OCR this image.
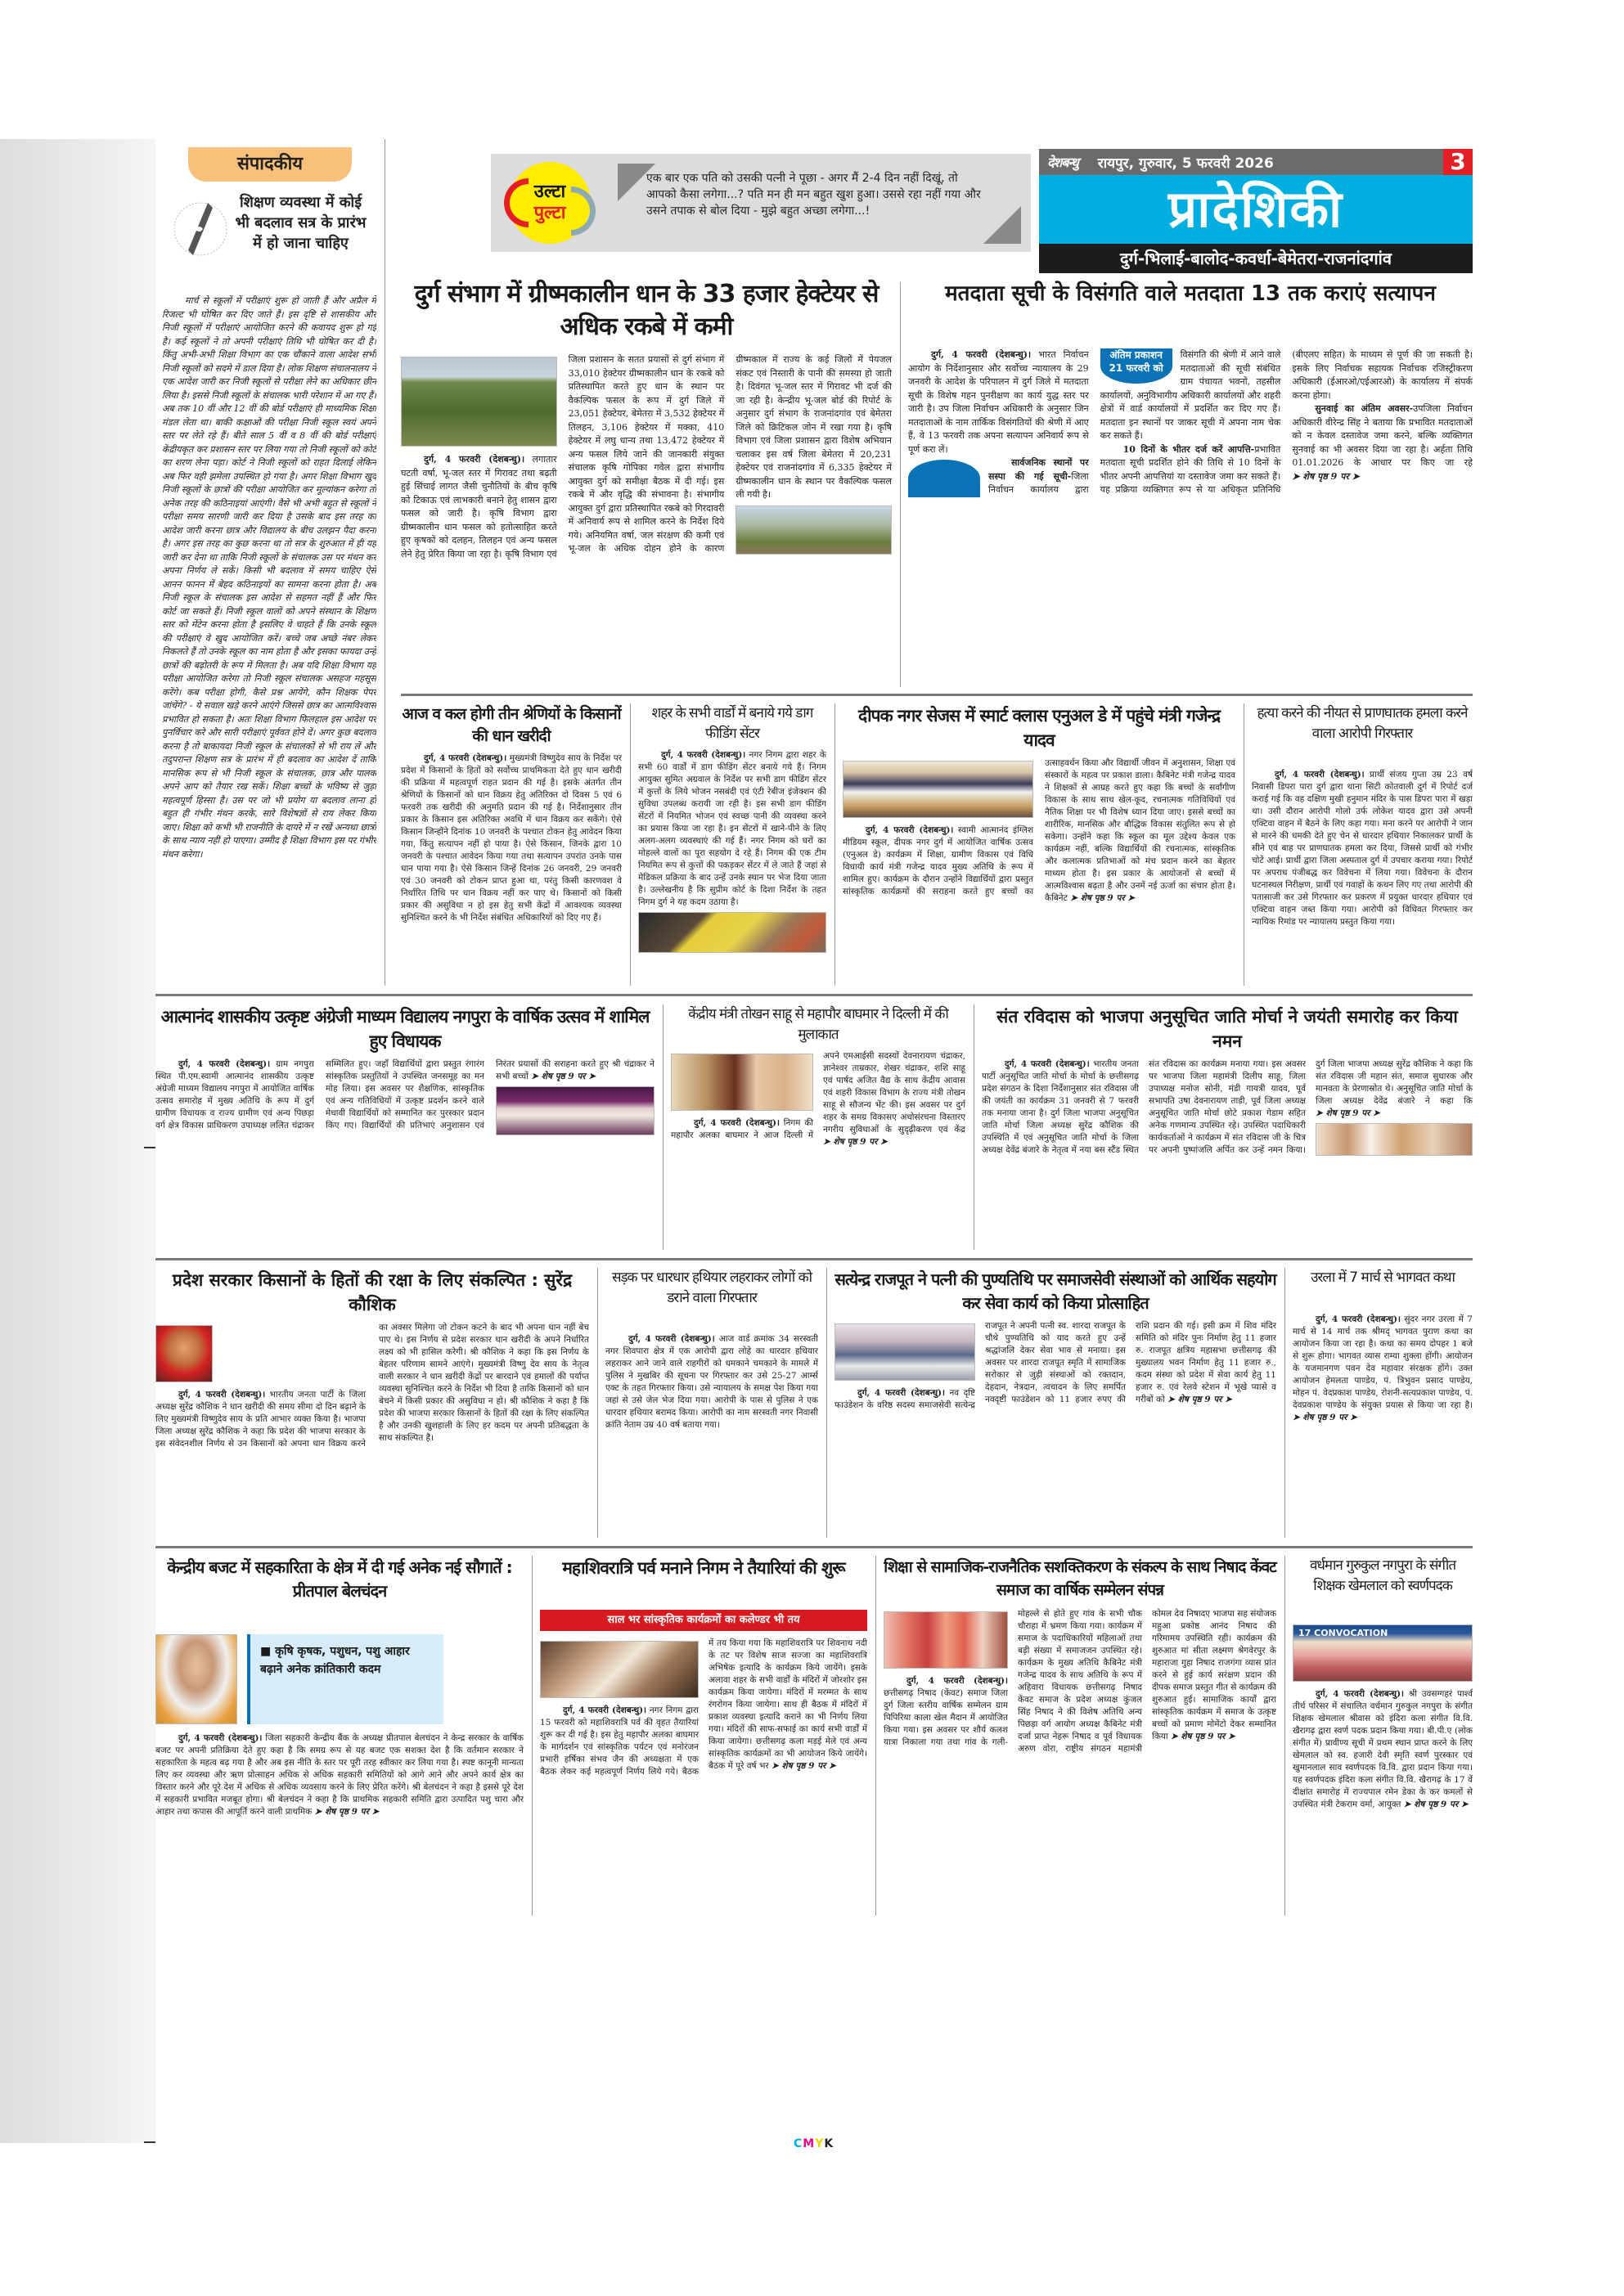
संपादकीय
शिक्षण व्यवस्था में कोई भी बदलाव सत्र के प्रारंभ में हो जाना चाहिए

मार्च से स्कूलों में परीक्षाएं शुरू हो जाती हैं और अप्रैल में रिजल्ट भी घोषित कर दिए जाते हैं। इस दृष्टि से शासकीय और निजी स्कूलों में परीक्षाएं आयोजित करने की कवायद शुरू हो गई है। कई स्कूलों ने तो अपनी परीक्षाएं तिथि भी घोषित कर दी है। किंतु अभी-अभी शिक्षा विभाग का एक चौंकाने वाला आदेश सभी निजी स्कूलों को सदमे में डाल दिया है। लोक शिक्षण संचालनालय ने एक आदेश जारी कर निजी स्कूलों से परीक्षा लेने का अधिकार छीन लिया है। इससे निजी स्कूलों के संचालक भारी परेशान में आ गए हैं। अब तक 10 वीं और 12 वीं की बोर्ड परीक्षाएं ही माध्यमिक शिक्षा मंडल लेता था। बाकी कक्षाओं की परीक्षा निजी स्कूल स्वयं अपने स्तर पर लेते रहे हैं। बीते साल 5 वीं व 8 वीं की बोर्ड परीक्षाएं केंद्रीयकृत कर प्रशासन स्तर पर लिया गया तो निजी स्कूलों को कोर्ट का शरण लेना पड़ा। कोर्ट ने निजी स्कूलों को राहत दिलाई लेकिन अब फिर वही झमेला उपस्थित हो गया है। अगर शिक्षा विभाग खुद निजी स्कूलों के छात्रों की परीक्षा आयोजित कर मूल्यांकन करेगा तो अनेक तरह की कठिनाइयां आएंगी। वैसे भी अभी बहुत से स्कूलों ने परीक्षा समय सारणी जारी कर दिया है उसके बाद इस तरह का आदेश जारी करना छात्र और विद्यालय के बीच उलझन पैदा करना है। अगर इस तरह का कुछ करना था तो सत्र के शुरुआत में ही यह जारी कर देना था ताकि निजी स्कूलों के संचालक उस पर मंथन कर अपना निर्णय ले सकें। किसी भी बदलाव में समय चाहिए ऐसे आनन फानन में बेहद कठिनाइयों का सामना करना होता है। अब निजी स्कूल के संचालक इस आदेश से सहमत नहीं हैं और फिर कोर्ट जा सकते हैं। निजी स्कूल वालों को अपने संस्थान के शिक्षण स्तर को मेंटेन करना होता है इसलिए वे चाहते हैं कि उनके स्कूल की परीक्षाएं वे खुद आयोजित करें। बच्चे जब अच्छे नंबर लेकर निकलते हैं तो उनके स्कूल का नाम होता है और इसका फायदा उन्हें छात्रों की बढ़ोतरी के रूप में मिलता है। अब यदि शिक्षा विभाग यह परीक्षा आयोजित करेगा तो निजी स्कूल संचालक असहज महसूस करेंगे। कब परीक्षा होगी, कैसे प्रश्न आयेंगे, कौन शिक्षक पेपर जांचेंगे? - ये सवाल खड़े करने आएंगे जिससे छात्र का आत्मविश्वास प्रभावित हो सकता है। अतः शिक्षा विभाग फिलहाल इस आदेश पर पुनर्विचार करे और सारी परीक्षाएं पूर्ववत होने दें। अगर कुछ बदलाव करना है तो बाकायदा निजी स्कूल के संचालकों से भी राय लें और तदुपरान्त शिक्षण सत्र के प्रारंभ में ही बदलाव का आदेश दें ताकि मानसिक रूप से भी निजी स्कूल के संचालक, छात्र और पालक अपने आप को तैयार रख सकें। शिक्षा बच्चों के भविष्य से जुड़ा महत्वपूर्ण हिस्सा है। उस पर जो भी प्रयोग या बदलाव लाना हो बहुत ही गंभीर मंथन करके, सारे विशेषज्ञों से राय लेकर किया जाए। शिक्षा को कभी भी राजनीति के दायरे में न रखें अन्यथा छात्रों के साथ न्याय नहीं हो पाएगा। उम्मीद है शिक्षा विभाग इस पर गंभीर मंथन करेगा।

उल्टा
पुल्टा
एक बार एक पति को उसकी पत्नी ने पूछा - अगर मैं 2-4 दिन नहीं दिखूं, तो आपको कैसा लगेगा...? पति मन ही मन बहुत खुश हुआ। उससे रहा नहीं गया और उसने तपाक से बोल दिया - मुझे बहुत अच्छा लगेगा...!
देशबन्धु रायपुर, गुरुवार, 5 फरवरी 2026	3
प्रादेशिकी
दुर्ग-भिलाई-बालोद-कवर्धा-बेमेतरा-राजनांदगांव
दुर्ग संभाग में ग्रीष्मकालीन धान के 33 हजार हेक्टेयर से अधिक रकबे में कमी

दुर्ग, 4 फरवरी (देशबन्धु)। लगातार घटती वर्षा, भू-जल स्तर में गिरावट तथा बढ़ती हुई सिंचाई लागत जैसी चुनौतियों के बीच कृषि को टिकाऊ एवं लाभकारी बनाने हेतु शासन द्वारा फसल को जारी है। कृषि विभाग द्वारा ग्रीष्मकालीन धान फसल को हतोत्साहित करते हुए कृषकों को दलहन, तिलहन एवं अन्य फसल लेने हेतु प्रेरित किया जा रहा है। कृषि विभाग एवं जिला प्रशासन के सतत प्रयासों से दुर्ग संभाग में 33,010 हेक्टेयर ग्रीष्मकालीन धान के रकबे को प्रतिस्थापित करते हुए धान के स्थान पर वैकल्पिक फसल के रूप में दुर्ग जिले में 23,051 हेक्टेयर, बेमेतरा में 3,532 हेक्टेयर में तिलहन, 3,106 हेक्टेयर में मक्का, 410 हेक्टेयर में लघु धान्य तथा 13,472 हेक्टेयर में अन्य फसल लिये जाने की जानकारी संयुक्त संचालक कृषि गोपिका गवेल द्वारा संभागीय आयुक्त दुर्ग को समीक्षा बैठक में दी गई। इस रकबे में और वृद्धि की संभावना है। संभागीय आयुक्त दुर्ग द्वारा प्रतिस्थापित रकबे को गिरदावरी में अनिवार्य रूप से शामिल करने के निर्देश दिये गये। अनियमित वर्षा, जल संरक्षण की कमी एवं भू-जल के अधिक दोहन होने के कारण ग्रीष्मकाल में राज्य के कई जिलों में पेयजल संकट एवं निस्तारी के पानी की समस्या हो जाती है। दिवंगत भू-जल स्तर में गिरावट भी दर्ज की जा रही है। केन्द्रीय भू-जल बोर्ड की रिपोर्ट के अनुसार दुर्ग संभाग के राजनांदगांव एवं बेमेतरा जिले को क्रिटिकल जोन में रखा गया है। कृषि विभाग एवं जिला प्रशासन द्वारा विशेष अभियान चलाकर इस वर्ष जिला बेमेतरा में 20,231 हेक्टेयर एवं राजनांदगांव में 6,335 हेक्टेयर में ग्रीष्मकालीन धान के स्थान पर वैकल्पिक फसल ली गयी है।

मतदाता सूची के विसंगति वाले मतदाता 13 तक कराएं सत्यापन

दुर्ग, 4 फरवरी (देशबन्धु)। भारत निर्वाचन आयोग के निर्देशानुसार और सर्वोच्च न्यायालय के 29 जनवरी के आदेश के परिपालन में दुर्ग जिले में मतदाता सूची के विशेष गहन पुनरीक्षण का कार्य युद्ध स्तर पर जारी है। उप जिला निर्वाचन अधिकारी के अनुसार जिन मतदाताओं के नाम तार्किक विसंगतियों की श्रेणी में आए हैं, वे 13 फरवरी तक अपना सत्यापन अनिवार्य रूप से पूर्ण करा लें।

अंतिम प्रकाशन 21 फरवरी को

सार्वजनिक स्थानों पर सस्पा की गई सूची-जिला निर्वाचन कार्यालय द्वारा विसंगति की श्रेणी में आने वाले मतदाताओं की सूची संबंधित ग्राम पंचायत भवनों, तहसील कार्यालयों, अनुविभागीय अधिकारी कार्यालयों और शहरी क्षेत्रों में वार्ड कार्यालयों में प्रदर्शित कर दिए गए हैं। मतदाता इन स्थानों पर जाकर सूची में अपना नाम चेक कर सकते हैं।

10 दिनों के भीतर दर्ज करें आपत्ति-प्रभावित मतदाता सूची प्रदर्शित होने की तिथि से 10 दिनों के भीतर अपनी आपत्तियां या दस्तावेज जमा कर सकते हैं। यह प्रक्रिया व्यक्तिगत रूप से या अधिकृत प्रतिनिधि (बीएलए सहित) के माध्यम से पूर्ण की जा सकती है। इसके लिए निर्वाचक सहायक निर्वाचक रजिस्ट्रीकरण अधिकारी (ईआरओ/एईआरओ) के कार्यालय में संपर्क करना होगा।

सुनवाई का अंतिम अवसर-उपजिला निर्वाचन अधिकारी वीरेन्द्र सिंह ने बताया कि प्रभावित मतदाताओं को न केवल दस्तावेज जमा करने, बल्कि व्यक्तिगत सुनवाई का भी अवसर दिया जा रहा है। अर्हता तिथि 01.01.2026 के आधार पर किए जा रहे ➤ शेष पृष्ठ 9 पर ➤

आज व कल होगी तीन श्रेणियों के किसानों की धान खरीदी

दुर्ग, 4 फरवरी (देशबन्धु)। मुख्यमंत्री विष्णुदेव साय के निर्देश पर प्रदेश में किसानों के हितों को सर्वोच्च प्राथमिकता देते हुए धान खरीदी की प्रक्रिया में महत्वपूर्ण राहत प्रदान की गई है। इसके अंतर्गत तीन श्रेणियों के किसानों को धान विक्रय हेतु अतिरिक्त दो दिवस 5 एवं 6 फरवरी तक खरीदी की अनुमति प्रदान की गई है। निर्देशानुसार तीन प्रकार के किसान इस अतिरिक्त अवधि में धान विक्रय कर सकेंगे। ऐसे किसान जिन्होंने दिनांक 10 जनवरी के पश्चात टोकन हेतु आवेदन किया गया, किंतु सत्यापन नहीं हो पाया है। ऐसे किसान, जिनके द्वारा 10 जनवरी के पश्चात आवेदन किया गया तथा सत्यापन उपरांत उनके पास धान पाया गया है। ऐसे किसान जिन्हें दिनांक 26 जनवरी, 29 जनवरी एवं 30 जनवरी को टोकन प्राप्त हुआ था, परंतु किसी कारणवश वे निर्धारित तिथि पर धान विक्रय नहीं कर पाए थे। किसानों को किसी प्रकार की असुविधा न हो इस हेतु सभी केंद्रों में आवश्यक व्यवस्था सुनिश्चित करने के भी निर्देश संबंधित अधिकारियों को दिए गए हैं।

शहर के सभी वार्डों में बनाये गये डाग फीडिंग सेंटर

दुर्ग, 4 फरवरी (देशबन्धु)। नगर निगम द्वारा शहर के सभी 60 वार्डों में डाग फीडिंग सेंटर बनाये गये हैं। निगम आयुक्त सुमित अग्रवाल के निर्देश पर सभी डाग फीडिंग सेंटर में कुत्तों के लिये भोजन नसबंदी एवं एंटी रेबीज इंजेक्शन की सुविधा उपलब्ध करायी जा रही है। इस सभी डाग फीडिंग सेंटरों में नियमित भोजन एवं स्वच्छ पानी की व्यवस्था करने का प्रयास किया जा रहा है। इन सेंटरों में खाने-पीने के लिए अलग-अलग व्यवस्थाएं की गई हैं। नगर निगम को घरों का मोहल्ले वालों का पूरा सहयोग दे रहे हैं। निगम की एक टीम नियमित रूप से कुत्तों की पकड़कर सेंटर में ले जाते हैं जहां से मेडिकल प्रक्रिया के बाद उन्हें उनके स्थान पर भेज दिया जाता है। उल्लेखनीय है कि सुप्रीम कोर्ट के दिशा निर्देश के तहत निगम दुर्ग ने यह कदम उठाया है।

दीपक नगर सेजस में स्मार्ट क्लास एनुअल डे में पहुंचे मंत्री गजेन्द्र यादव

दुर्ग, 4 फरवरी (देशबन्धु)। स्वामी आत्मानंद इंग्लिश मीडियम स्कूल, दीपक नगर दुर्ग में आयोजित वार्षिक उत्सव (एनुअल डे) कार्यक्रम में शिक्षा, ग्रामीण विकास एवं विधि विधायी कार्य मंत्री गजेन्द्र यादव मुख्य अतिथि के रूप में शामिल हुए। कार्यक्रम के दौरान उन्होंने विद्यार्थियों द्वारा प्रस्तुत सांस्कृतिक कार्यक्रमों की सराहना करते हुए बच्चों का उत्साहवर्धन किया और विद्यार्थी जीवन में अनुशासन, शिक्षा एवं संस्कारों के महत्व पर प्रकाश डाला। कैबिनेट मंत्री गजेन्द्र यादव ने शिक्षकों से आग्रह करते हुए कहा कि बच्चों के सर्वांगीण विकास के साथ साथ खेल-कूद, रचनात्मक गतिविधियों एवं नैतिक शिक्षा पर भी विशेष ध्यान दिया जाए। इससे बच्चों का शारीरिक, मानसिक और बौद्धिक विकास संतुलित रूप से हो सकेगा। उन्होंने कहा कि स्कूल का मूल उद्देश्य केवल एक कार्यक्रम नहीं, बल्कि विद्यार्थियों की रचनात्मक, सांस्कृतिक और कलात्मक प्रतिभाओं को मंच प्रदान करने का बेहतर माध्यम होता है। इस प्रकार के आयोजनों से बच्चों में आत्मविश्वास बढ़ता है और उनमें नई ऊर्जा का संचार होता है। कैबिनेट ➤ शेष पृष्ठ 9 पर ➤

हत्या करने की नीयत से प्राणघातक हमला करने वाला आरोपी गिरफ्तार

दुर्ग, 4 फरवरी (देशबन्धु)। प्रार्थी संजय गुप्ता उम्र 23 वर्ष निवासी डिपरा पारा दुर्ग द्वारा थाना सिटी कोतवाली दुर्ग में रिपोर्ट दर्ज कराई गई कि वह दक्षिण मुखी हनुमान मंदिर के पास डिपरा पारा में खड़ा था। उसी दौरान आरोपी गोलो उर्फ लोकेश यादव द्वारा उसे अपनी एक्टिवा वाहन में बैठने के लिए कहा गया। मना करने पर आरोपी ने जान से मारने की धमकी देते हुए चेन से धारदार हथियार निकालकर प्रार्थी के सीने एवं बाह पर प्राणघातक हमला कर दिया, जिससे प्रार्थी को गंभीर चोटें आई। प्रार्थी द्वारा जिला अस्पताल दुर्ग में उपचार कराया गया। रिपोर्ट पर अपराध पंजीबद्ध कर विवेचना में लिया गया। विवेचना के दौरान घटनास्थल निरीक्षण, प्रार्थी एवं गवाहों के कथन लिए गए तथा आरोपी की पतासाजी कर उसे गिरफ्तार कर प्रकरण में प्रयुक्त धारदार हथियार एवं एक्टिवा वाहन जब्त किया गया। आरोपी को विधिवत गिरफ्तार कर न्यायिक रिमांड पर न्यायालय प्रस्तुत किया गया।

आत्मानंद शासकीय उत्कृष्ट अंग्रेजी माध्यम विद्यालय नगपुरा के वार्षिक उत्सव में शामिल हुए विधायक

दुर्ग, 4 फरवरी (देशबन्धु)। ग्राम नगपुरा स्थित पी.एम.स्वामी आत्मानंद शासकीय उत्कृष्ट अंग्रेजी माध्यम विद्यालय नगपुरा में आयोजित वार्षिक उत्सव समारोह में मुख्य अतिथि के रूप में दुर्ग ग्रामीण विधायक व राज्य ग्रामीण एवं अन्य पिछड़ा वर्ग क्षेत्र विकास प्राधिकरण उपाध्यक्ष ललित चंद्राकर सम्मिलित हुए। जहाँ विद्यार्थियों द्वारा प्रस्तुत रंगारंग सांस्कृतिक प्रस्तुतियों ने उपस्थित जनसमूह का मन मोह लिया। इस अवसर पर शैक्षणिक, सांस्कृतिक एवं अन्य गतिविधियों में उत्कृष्ट प्रदर्शन करने वाले मेधावी विद्यार्थियों को सम्मानित कर पुरस्कार प्रदान किए गए। विद्यार्थियों की प्रतिभाएं अनुशासन एवं निरंतर प्रयासों की सराहना करते हुए श्री चंद्राकर ने सभी बच्चों ➤ शेष पृष्ठ 9 पर ➤

केंद्रीय मंत्री तोखन साहू से महापौर बाघमार ने दिल्ली में की मुलाकात

दुर्ग, 4 फरवरी (देशबन्धु)। निगम की महापौर अलका बाघमार ने आज दिल्ली में अपने एमआईसी सदस्यों देवनारायण चंद्राकर, ज्ञानेश्वर ताम्रकार, शेखर चंद्राकर, शशि साहू एवं पार्षद अजित वैद्य के साथ केंद्रीय आवास एवं शहरी विकास विभाग के राज्य मंत्री तोखन साहू से सौजन्य भेंट की। इस अवसर पर दुर्ग शहर के समग्र विकासए अधोसंरचना विस्तारए नगरीय सुविधाओं के सुदृढ़ीकरण एवं केंद्र ➤ शेष पृष्ठ 9 पर ➤

संत रविदास को भाजपा अनुसूचित जाति मोर्चा ने जयंती समारोह कर किया नमन

दुर्ग, 4 फरवरी (देशबन्धु)। भारतीय जनता पार्टी अनुसूचित जाति मोर्चा के मोर्चा के छत्तीसगढ़ प्रदेश संगठन के दिशा निर्देशानुसार संत रविदास जी की जयंती का कार्यक्रम 31 जनवरी से 7 फरवरी तक मनाया जाना है। दुर्ग जिला भाजपा अनुसूचित जाति मोर्चा जिला अध्यक्ष सुरेंद्र कौशिक की उपस्थिति में एवं अनुसूचित जाति मोर्चा के जिला अध्यक्ष देवेंद्र बंजारे के नेतृत्व में नया बस स्टैंड स्थित संत रविदास का कार्यक्रम मनाया गया। इस अवसर पर भाजपा जिला महामंत्री दिलीप साहू, जिला उपाध्यक्ष मनोज सोनी, मंडी गायत्री यादव, पूर्व सभापति उषा देवनारायण ताडी, पूर्व जिला अध्यक्ष अनुसूचित जाति मोर्चा छोटे प्रकाश गेडाम सहित अनेक गणमान्य उपस्थित रहे। उपस्थित पदाधिकारी कार्यकर्ताओं ने कार्यक्रम में संत रविदास जी के चित्र पर अपनी पुष्पांजलि अर्पित कर उन्हें नमन किया। दुर्ग जिला भाजपा अध्यक्ष सुरेंद्र कौशिक ने कहा कि संत रविदास जी महान संत, समाज सुधारक और मानवता के प्रेरणास्रोत थे। अनुसूचित जाति मोर्चा के जिला अध्यक्ष देवेंद्र बंजारे ने कहा कि ➤ शेष पृष्ठ 9 पर ➤

प्रदेश सरकार किसानों के हितों की रक्षा के लिए संकल्पित : सुरेंद्र कौशिक

दुर्ग, 4 फरवरी (देशबन्धु)। भारतीय जनता पार्टी के जिला अध्यक्ष सुरेंद्र कौशिक ने धान खरीदी की समय सीमा दो दिन बढ़ाने के लिए मुख्यमंत्री विष्णुदेव साय के प्रति आभार व्यक्त किया है। भाजपा जिला अध्यक्ष सुरेंद्र कौशिक ने कहा कि प्रदेश की भाजपा सरकार के इस संवेदनशील निर्णय से उन किसानों को अपना धान विक्रय करने का अवसर मिलेगा जो टोकन कटने के बाद भी अपना धान नहीं बेच पाए थे। इस निर्णय से प्रदेश सरकार धान खरीदी के अपने निर्धारित लक्ष्य को भी हासिल करेगी। श्री कौशिक ने कहा कि इस निर्णय के बेहतर परिणाम सामने आएंगे। मुख्यमंत्री विष्णु देव साय के नेतृत्व वाली सरकार ने धान खरीदी केंद्रों पर बारदाने एवं हमालों की पर्याप्त व्यवस्था सुनिश्चित करने के निर्देश भी दिया है ताकि किसानों को धान बेचने में किसी प्रकार की असुविधा न हो। श्री कौशिक ने कहा है कि प्रदेश की भाजपा सरकार किसानों के हितों की रक्षा के लिए संकल्पित है और उनकी खुशहाली के लिए हर कदम पर अपनी प्रतिबद्धता के साथ संकल्पित है।

सड़क पर धारधार हथियार लहराकर लोगों को डराने वाला गिरफ्तार

दुर्ग, 4 फरवरी (देशबन्धु)। आज वार्ड क्रमांक 34 सरस्वती नगर शिवपारा क्षेत्र में एक आरोपी द्वारा लोहे का धारदार हथियार लहराकर आने जाने वाले राहगीरों को धमकाने चमकाने के मामले में पुलिस ने मुखबिर की सूचना पर गिरफ्तार कर उसे 25-27 आर्म्स एक्ट के तहत गिरफ्तार किया। उसे न्यायालय के समक्ष पेश किया गया जहां से उसे जेल भेज दिया गया। आरोपी के पास से पुलिस ने एक धारदार हथियार बरामद किया। आरोपी का नाम सरस्वती नगर निवासी क्रांति नेताम उम्र 40 वर्ष बताया गया।

सत्येन्द्र राजपूत ने पत्नी की पुण्यतिथि पर समाजसेवी संस्थाओं को आर्थिक सहयोग कर सेवा कार्य को किया प्रोत्साहित

दुर्ग, 4 फरवरी (देशबन्धु)। नव दृष्टि फाउंडेशन के वरिष्ठ सदस्य समाजसेवी सत्येन्द्र राजपूत ने अपनी पत्नी स्व. शारदा राजपूत के चौथे पुण्यतिथि को याद करते हुए उन्हें श्रद्धांजलि देकर सेवा भाव से मनाया। इस अवसर पर शारदा राजपूत स्मृति में सामाजिक सरोकार से जुड़ी संस्थाओं को रक्तदान, देहदान, नेत्रदान, त्वचादन के लिए समर्पित नवदृष्टी फाउंडेशन को 11 हजार रुपए की राशि प्रदान की गई। इसी क्रम में शिव मंदिर समिति को मंदिर पुनः निर्माण हेतु 11 हजार रु. राजपूत क्षत्रिय महासभा छत्तीसगढ़ की मुख्यालय भवन निर्माण हेतु 11 हजार रु., कदम संस्था को प्रदेश में सेवा कार्य हेतु 11 हजार रु. एवं रेलवे स्टेशन में भूखे प्यासे व गरीबों को ➤ शेष पृष्ठ 9 पर ➤

उरला में 7 मार्च से भागवत कथा

दुर्ग, 4 फरवरी (देशबन्धु)। सुंदर नगर उरला में 7 मार्च से 14 मार्च तक श्रीमद् भागवत पुराण कथा का आयोजन किया जा रहा है। कथा का समय दोपहर 1 बजे से शुरू होगा। भागवत व्यास राम्या शुक्ला होंगी। आयोजन के यजमानगण पवन देव महावार संरक्षक होंगे। उक्त आयोजन हेमलता पाण्डेय, पं. त्रिभुवन प्रसाद पाण्डेय, मोहन पं. वेदप्रकाश पाण्डेय, रोशनी-सत्यप्रकाश पाण्डेय, पं. देवप्रकाश पाण्डेय के संयुक्त प्रयास से किया जा रहा है। ➤ शेष पृष्ठ 9 पर ➤

केन्द्रीय बजट में सहकारिता के क्षेत्र में दी गई अनेक नई सौगातें : प्रीतपाल बेलचंदन
■ कृषि कृषक, पशुधन, पशु आहार बढ़ाने अनेक क्रांतिकारी कदम

दुर्ग, 4 फरवरी (देशबन्धु)। जिला सहकारी केन्द्रीय बैंक के अध्यक्ष प्रीतपाल बेलचंदन ने केन्द्र सरकार के वार्षिक बजट पर अपनी प्रतिक्रिया देते हुए कहा है कि समग्र रूप से यह बजट एक सशक्त देश है कि वर्तमान सरकार ने सहकारिता के महत्व बढ़ गया है और अब इस नीति के स्तर पर पूरी तरह स्वीकार कर लिया गया है। स्पष्ट कानूनी मान्यता लिए कर व्यवस्था और ऋण प्रोत्साहन अधिक से अधिक सहकारी समितियों को आगे आने और अपने कार्य क्षेत्र का विस्तार करने और पूरे देश में अधिक से अधिक व्यवसाय करने के लिए प्रेरित करेंगे। श्री बेलचंदन ने कहा है इससे पूरे देश में सहकारी प्रभावित मजबूत होगा। श्री बेलचंदन ने कहा है कि प्राथमिक सहकारी समिति द्वारा उत्पादित पशु चारा और आहार तथा कपास की आपूर्ति करने वाली प्राथमिक ➤ शेष पृष्ठ 9 पर ➤

महाशिवरात्रि पर्व मनाने निगम ने तैयारियां की शुरू
साल भर सांस्कृतिक कार्यक्रमों का कलेण्डर भी तय

दुर्ग, 4 फरवरी (देशबन्धु)। नगर निगम द्वारा 15 फरवरी को महाशिवरात्रि पर्व की वृहत तैयारियां शुरू कर दी गई है। इस हेतु महापौर अलका बाघमार के मार्गदर्शन एवं सांस्कृतिक पर्यटन एवं मनोरंजन प्रभारी हर्षिका संभव जैन की अध्यक्षता में एक बैठक लेकर कई महत्वपूर्ण निर्णय लिये गये। बैठक में तय किया गया कि महाशिवरात्रि पर शिवनाथ नदी के तट पर विशेष साज सज्जा का महाशिवरात्रि अभिषेक इत्यादि के कार्यक्रम किये जायेंगे। इसके अलावा शहर के सभी वार्डों के मंदिरों में जोरशोर इस कार्यक्रम किया जायेगा। मंदिरों में मरम्मत के साथ रंगरोगन किया जायेगा। साथ ही बैठक में मंदिरों में प्रकाश व्यवस्था इत्यादि कराने का भी निर्णय लिया गया। मंदिरों की साफ-सफाई का कार्य सभी वार्डों में किया जायेगा। छत्तीसगढ़ कला मड़ई मेले एवं अन्य सांस्कृतिक कार्यक्रमों का भी आयोजन किये जायेंगे। बैठक में पूरे वर्ष भर ➤ शेष पृष्ठ 9 पर ➤

शिक्षा से सामाजिक-राजनैतिक सशक्तिकरण के संकल्प के साथ निषाद केंवट समाज का वार्षिक सम्मेलन संपन्न

दुर्ग, 4 फरवरी (देशबन्धु)। छत्तीसगढ़ निषाद (केंवट) समाज जिला दुर्ग जिला स्तरीय वार्षिक सम्मेलन ग्राम पिपिरिया काला खेल मैदान में आयोजित किया गया। इस अवसर पर शौर्य कलश यात्रा निकाला गया तथा गांव के गली-मोहल्ले से होते हुए गांव के सभी चौक चौराहा में भ्रमण किया गया। कार्यक्रम में समाज के पदाधिकारियों महिलाओं तथा बड़ी संख्या में समाजजन उपस्थित रहे। कार्यक्रम के मुख्य अतिथि कैबिनेट मंत्री गजेन्द्र यादव के साथ अतिथि के रूप में अहिवारा विधायक छत्तीसगढ़ निषाद केंवट समाज के प्रदेश अध्यक्ष कुंजल सिंह निषाद ने की विशेष अतिथि अन्य पिछड़ा वर्ग आयोग अध्यक्ष कैबिनेट मंत्री दर्जा प्राप्त नेहरू निषाद व पूर्व विधायक अरुण वोरा, राष्ट्रीय संगठन महामंत्री कोमल देव निषादए भाजपा सह संयोजक महुआ प्रकोष्ठ आनंद निषाद की गरिमामय उपस्थिति रही। कार्यक्रम की शुरुआत मां सीता लक्ष्मण श्रेगवेरपुर के महाराजा गुहा निषाद राजगंगा व्यास प्रांत करने से हुई कार्य सरंक्षण प्रदान की दीपक समाज प्रस्तुत गीत से कार्यक्रम की शुरुआत हुई। सामाजिक कार्यों द्वारा सांस्कृतिक कार्यक्रम में समाज के उत्कृष्ट बच्चों को प्रमाण मोमेंटो देकर सम्मानित किया ➤ शेष पृष्ठ 9 पर ➤

वर्धमान गुरुकुल नगपुरा के संगीत शिक्षक खेमलाल को स्वर्णपदक
17 CONVOCATION

दुर्ग, 4 फरवरी (देशबन्धु)। श्री उवसग्गहरं पार्श्व तीर्थ परिसर में संचालित वर्धमान गुरुकुल नगपुरा के संगीत शिक्षक खेमलाल श्रीवास को इंदिरा कला संगीत वि.वि. खैरागढ़ द्वारा स्वर्ण पदक प्रदान किया गया। बी.पी.ए (लोक संगीत में) प्रावीण्य सूची में प्रथम स्थान प्राप्त करने के लिए खेमलाल को स्व. हजारी देवी स्मृति स्वर्ण पुरस्कार एवं खुमानलाल साव स्वर्णपदक वि.वि. द्वारा प्रदान किया गया। यह स्वर्णपदक इंदिरा कला संगीत वि.वि. खैरागढ़ के 17 वें दीक्षांत समारोह में राज्यपाल रमेन डेका के कर कमलों से उपस्थित मंत्री टेकराम वर्मा, आयुक्त ➤ शेष पृष्ठ 9 पर ➤

CMYK
